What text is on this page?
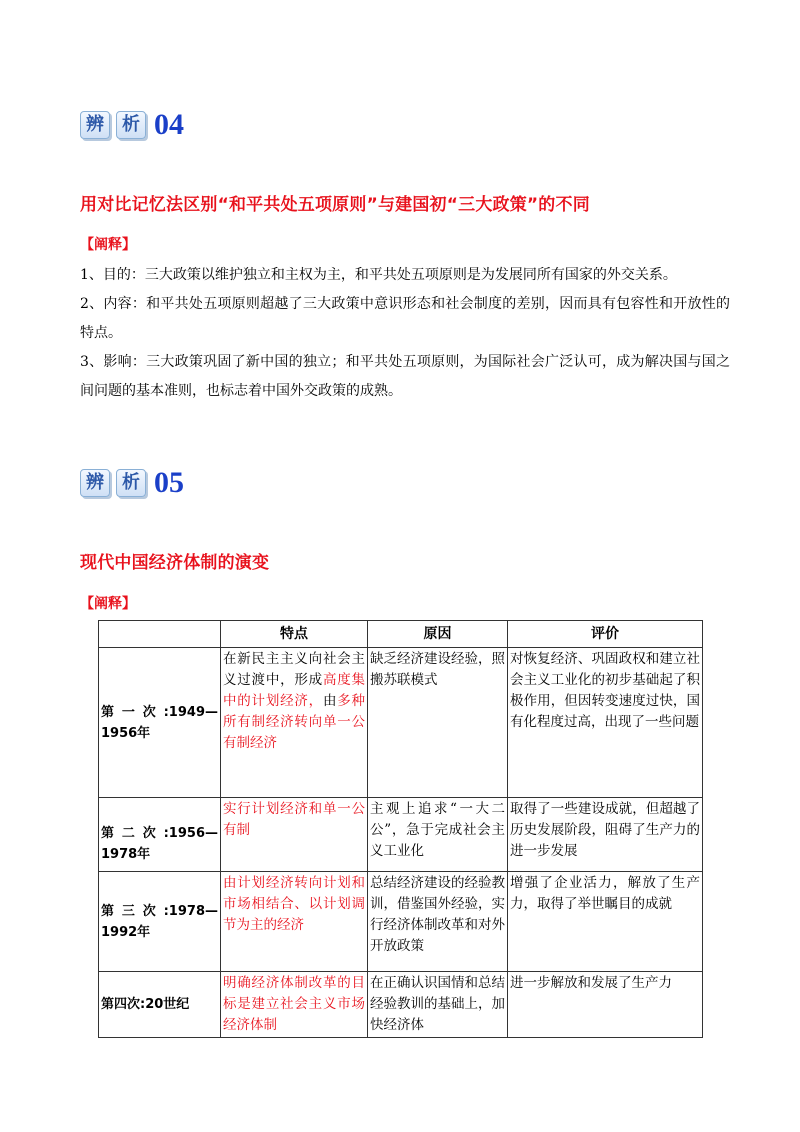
辨	析 04
用对比记忆法区别“和平共处五项原则”与建国初“三大政策”的不同
【阐释】
1、目的：三大政策以维护独立和主权为主，和平共处五项原则是为发展同所有国家的外交关系。
2、内容：和平共处五项原则超越了三大政策中意识形态和社会制度的差别，因而具有包容性和开放性的特点。
3、影响：三大政策巩固了新中国的独立；和平共处五项原则，为国际社会广泛认可，成为解决国与国之间问题的基本准则，也标志着中国外交政策的成熟。
辨	析 05
现代中国经济体制的演变
【阐释】
	特点	原因	评价
第一次:1949—1956年	在新民主主义向社会主义过渡中，形成高度集中的计划经济，由多种所有制经济转向单一公有制经济	缺乏经济建设经验，照搬苏联模式	对恢复经济、巩固政权和建立社会主义工业化的初步基础起了积极作用，但因转变速度过快，国有化程度过高，出现了一些问题
第二次:1956—1978年	实行计划经济和单一公有制	主观上追求“一大二公”，急于完成社会主义工业化	取得了一些建设成就，但超越了历史发展阶段，阻碍了生产力的进一步发展
第三次:1978—1992年	由计划经济转向计划和市场相结合、以计划调节为主的经济	总结经济建设的经验教训，借鉴国外经验，实行经济体制改革和对外开放政策	增强了企业活力，解放了生产力，取得了举世瞩目的成就
第四次:20世纪	明确经济体制改革的目标是建立社会主义市场经济体制	在正确认识国情和总结经验教训的基础上，加快经济体	进一步解放和发展了生产力
